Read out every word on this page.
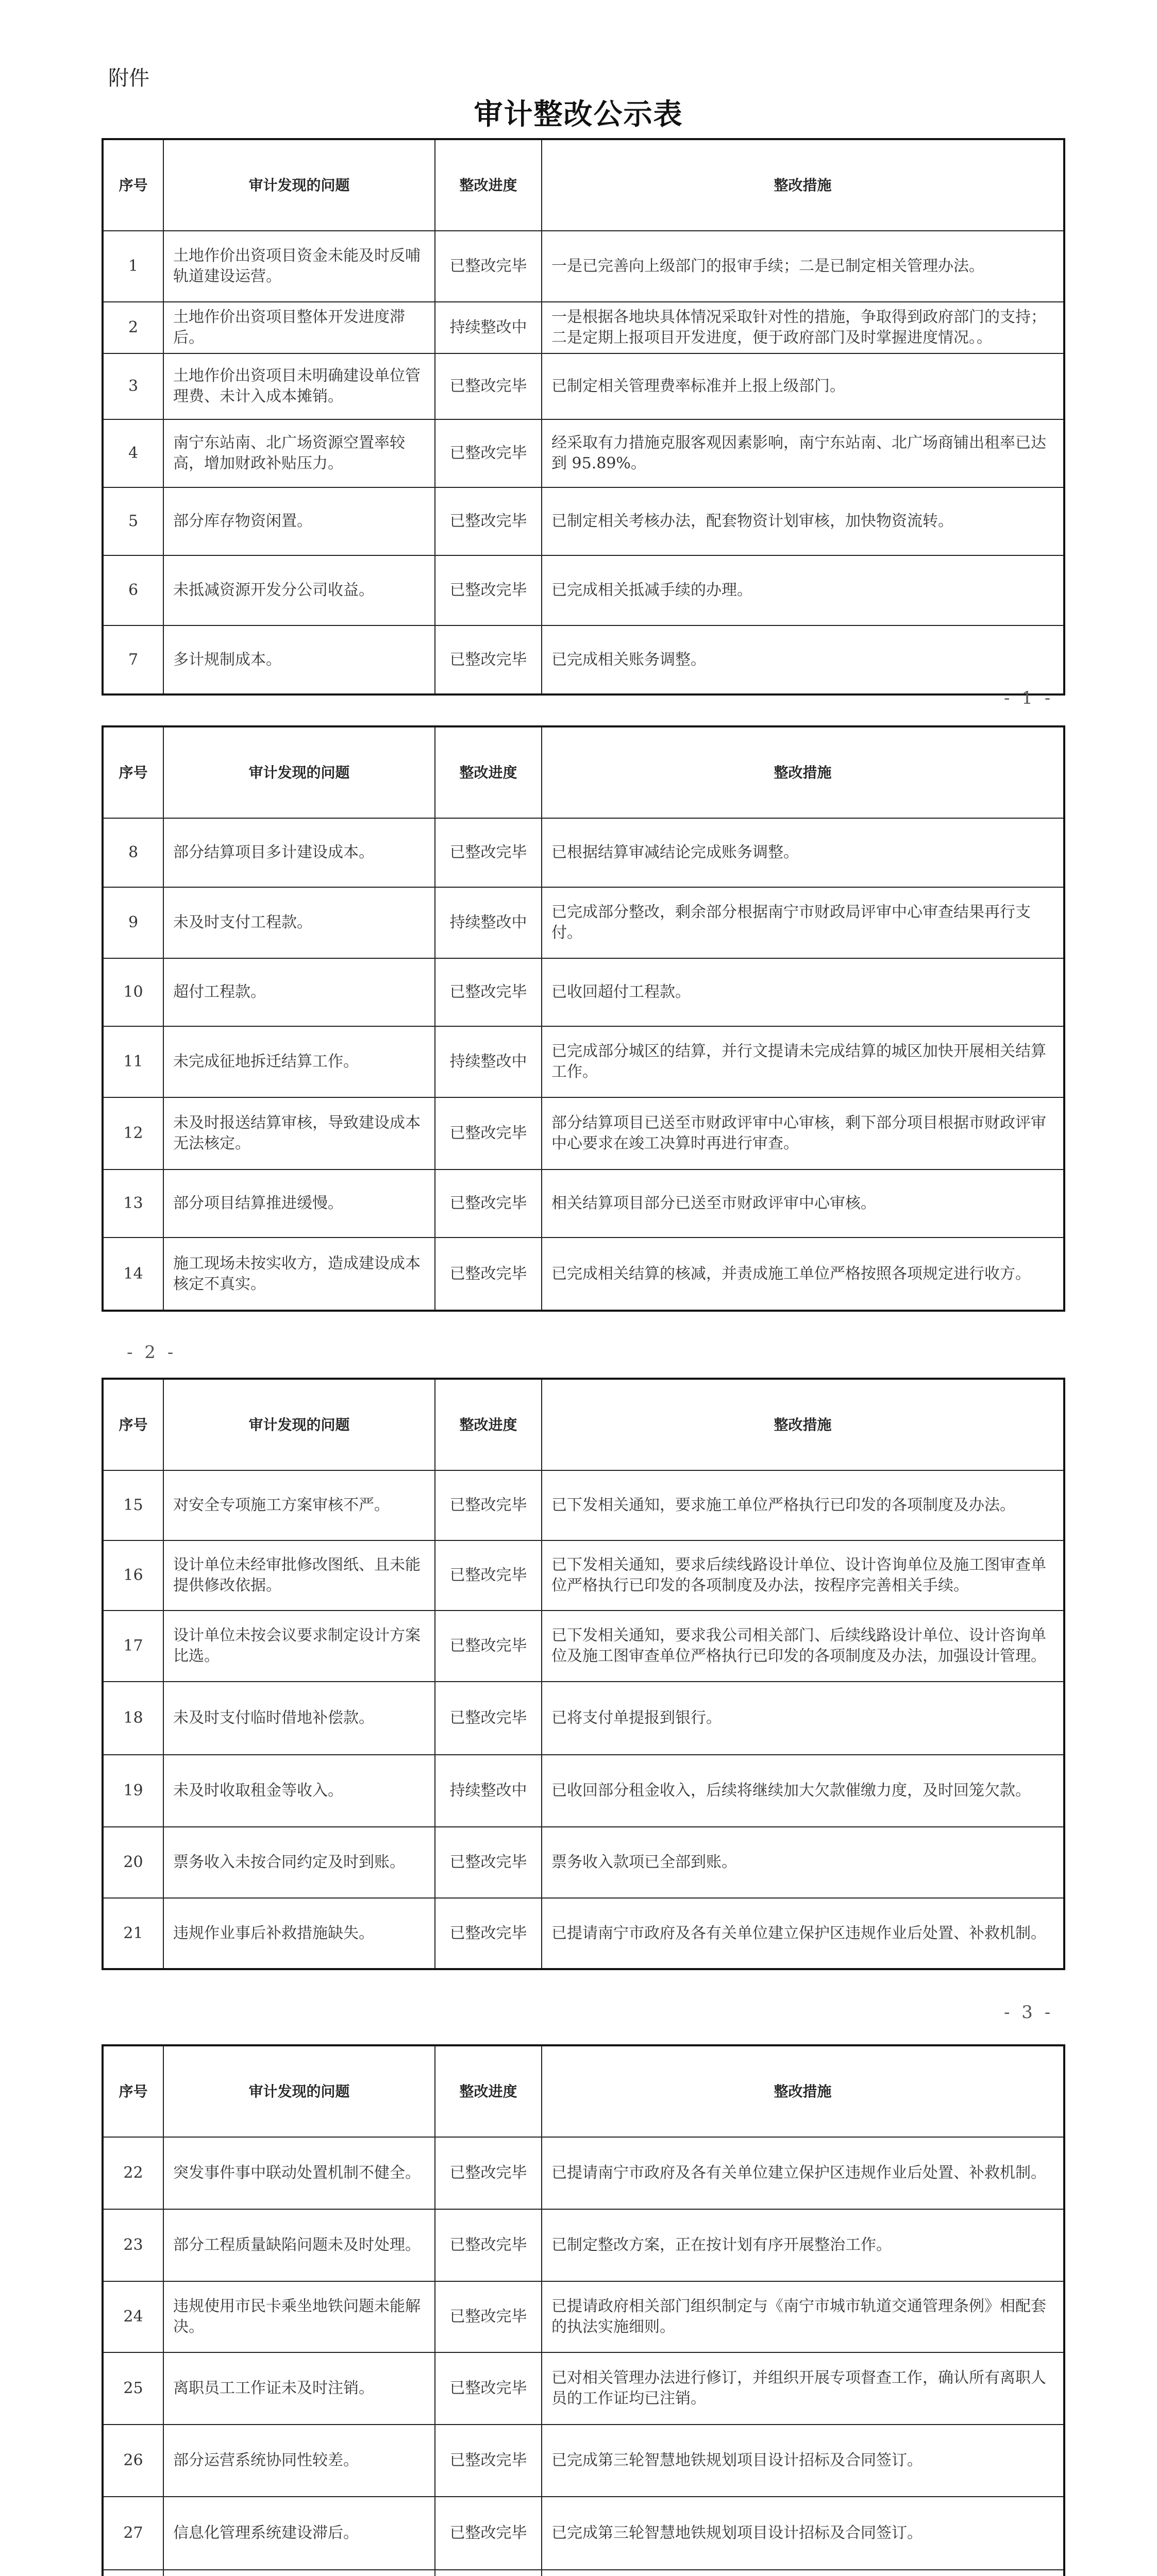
附件
审计整改公示表
序号	审计发现的问题	整改进度	整改措施
1	土地作价出资项目资金未能及时反哺轨道建设运营。	已整改完毕	一是已完善向上级部门的报审手续；二是已制定相关管理办法。
2	土地作价出资项目整体开发进度滞后。	持续整改中	一是根据各地块具体情况采取针对性的措施，争取得到政府部门的支持；二是定期上报项目开发进度，便于政府部门及时掌握进度情况。。
3	土地作价出资项目未明确建设单位管理费、未计入成本摊销。	已整改完毕	已制定相关管理费率标准并上报上级部门。
4	南宁东站南、北广场资源空置率较高，增加财政补贴压力。	已整改完毕	经采取有力措施克服客观因素影响，南宁东站南、北广场商铺出租率已达到 95.89%。
5	部分库存物资闲置。	已整改完毕	已制定相关考核办法，配套物资计划审核，加快物资流转。
6	未抵减资源开发分公司收益。	已整改完毕	已完成相关抵减手续的办理。
7	多计规制成本。	已整改完毕	已完成相关账务调整。
- 1 -
序号	审计发现的问题	整改进度	整改措施
8	部分结算项目多计建设成本。	已整改完毕	已根据结算审减结论完成账务调整。
9	未及时支付工程款。	持续整改中	已完成部分整改，剩余部分根据南宁市财政局评审中心审查结果再行支付。
10	超付工程款。	已整改完毕	已收回超付工程款。
11	未完成征地拆迁结算工作。	持续整改中	已完成部分城区的结算，并行文提请未完成结算的城区加快开展相关结算工作。
12	未及时报送结算审核，导致建设成本无法核定。	已整改完毕	部分结算项目已送至市财政评审中心审核，剩下部分项目根据市财政评审中心要求在竣工决算时再进行审查。
13	部分项目结算推进缓慢。	已整改完毕	相关结算项目部分已送至市财政评审中心审核。
14	施工现场未按实收方，造成建设成本核定不真实。	已整改完毕	已完成相关结算的核减，并责成施工单位严格按照各项规定进行收方。
- 2 -
序号	审计发现的问题	整改进度	整改措施
15	对安全专项施工方案审核不严。	已整改完毕	已下发相关通知，要求施工单位严格执行已印发的各项制度及办法。
16	设计单位未经审批修改图纸、且未能提供修改依据。	已整改完毕	已下发相关通知，要求后续线路设计单位、设计咨询单位及施工图审查单位严格执行已印发的各项制度及办法，按程序完善相关手续。
17	设计单位未按会议要求制定设计方案比选。	已整改完毕	已下发相关通知，要求我公司相关部门、后续线路设计单位、设计咨询单位及施工图审查单位严格执行已印发的各项制度及办法，加强设计管理。
18	未及时支付临时借地补偿款。	已整改完毕	已将支付单提报到银行。
19	未及时收取租金等收入。	持续整改中	已收回部分租金收入，后续将继续加大欠款催缴力度，及时回笼欠款。
20	票务收入未按合同约定及时到账。	已整改完毕	票务收入款项已全部到账。
21	违规作业事后补救措施缺失。	已整改完毕	已提请南宁市政府及各有关单位建立保护区违规作业后处置、补救机制。
- 3 -
序号	审计发现的问题	整改进度	整改措施
22	突发事件事中联动处置机制不健全。	已整改完毕	已提请南宁市政府及各有关单位建立保护区违规作业后处置、补救机制。
23	部分工程质量缺陷问题未及时处理。	已整改完毕	已制定整改方案，正在按计划有序开展整治工作。
24	违规使用市民卡乘坐地铁问题未能解决。	已整改完毕	已提请政府相关部门组织制定与《南宁市城市轨道交通管理条例》相配套的执法实施细则。
25	离职员工工作证未及时注销。	已整改完毕	已对相关管理办法进行修订，并组织开展专项督查工作，确认所有离职人员的工作证均已注销。
26	部分运营系统协同性较差。	已整改完毕	已完成第三轮智慧地铁规划项目设计招标及合同签订。
27	信息化管理系统建设滞后。	已整改完毕	已完成第三轮智慧地铁规划项目设计招标及合同签订。
